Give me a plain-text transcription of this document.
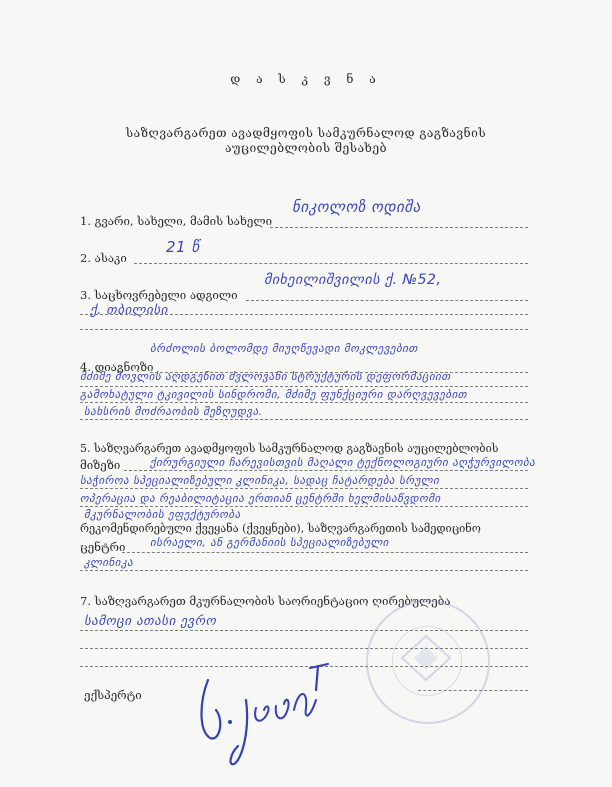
დ ა ს კ ვ ნ ა
საზღვარგარეთ ავადმყოფის სამკურნალოდ გაგზავნის
აუცილებლობის შესახებ
1. გვარი, სახელი, მამის სახელი
ნიკოლოზ ოდიშა
2. ასაკი
21 წ
3. საცხოვრებელი ადგილი
მიხეილიშვილის ქ. №52,
ქ. თბილისი
4. დიაგნოზი
ბრძოლის ბოლომდე მიუღწევადი მოკლევებით
მძიმე მოვლის აღდგენით ძვლოვანი სტრუქტურის დეფორმაციით
გამოხატული ტკივილის სინდრომი, მძიმე ფუნქციური დარღვევებით
სახსრის მოძრაობის შეზღუდვა.
5. საზღვარგარეთ ავადმყოფის სამკურნალოდ გაგზავნის აუცილებლობის
მიზეზი	ქირურგიული ჩარევისთვის მაღალი ტექნოლოგიური აღჭურვილობა
საჭიროა სპეციალიზებული კლინიკა, სადაც ჩატარდება სრული
ოპერაცია და რეაბილიტაცია ერთიან ცენტრში ხელმისაწვდომი
მკურნალობის ეფექტურობა
რეკომენდირებული ქვეყანა (ქვეყნები), საზღვარგარეთის სამედიცინო
ცენტრი ისრაელი, ან გერმანიის სპეციალიზებული
კლინიკა
7. საზღვარგარეთ მკურნალობის საორიენტაციო ღირებულება
სამოცი ათასი ევრო
ექსპერტი
